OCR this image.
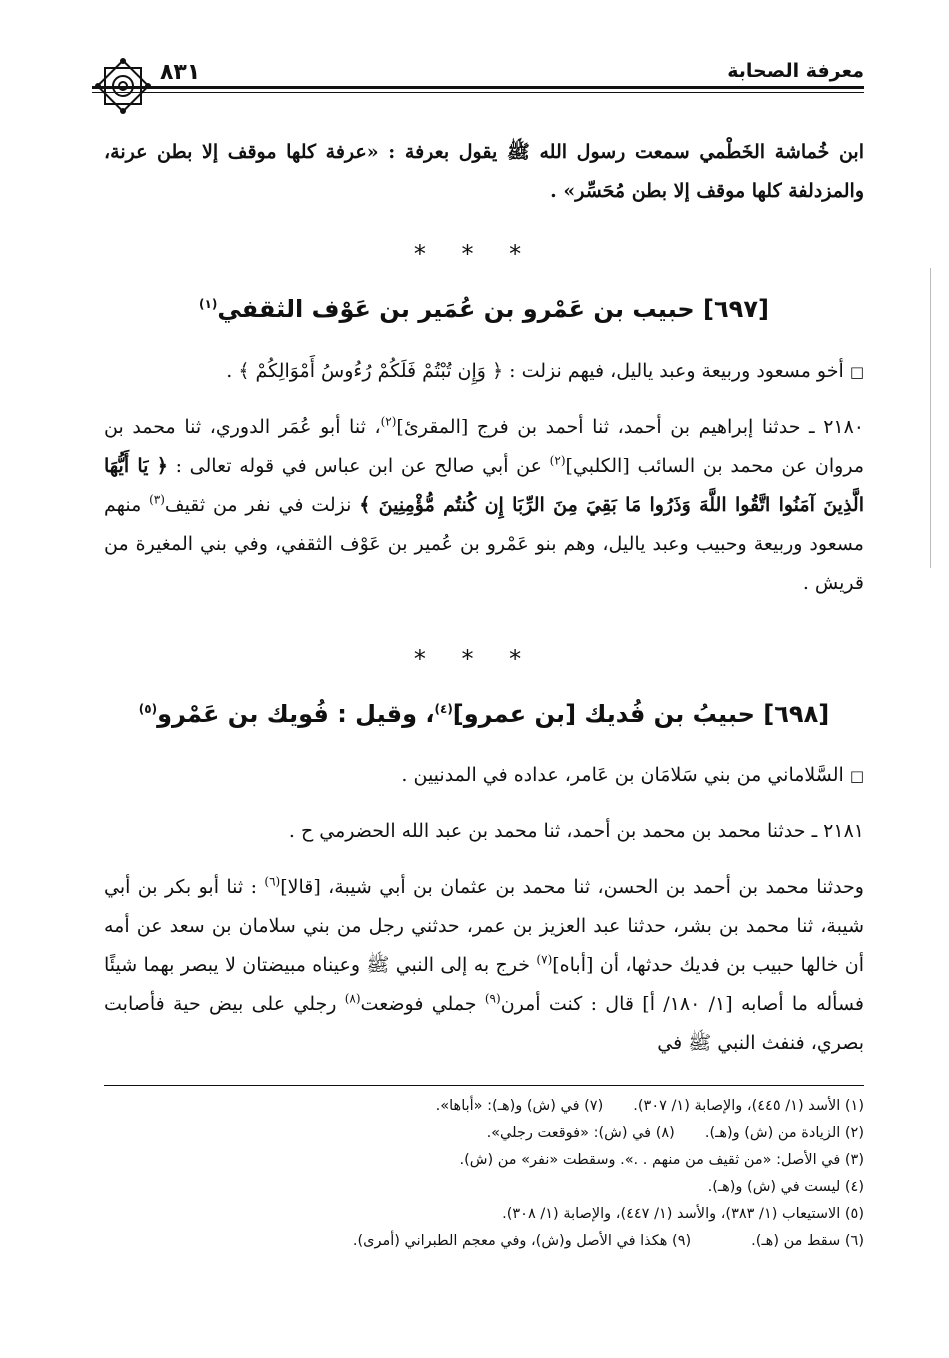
معرفة الصحابة
٨٣١
ابن خُماشة الخَطْمي سمعت رسول الله ﷺ يقول بعرفة : «عرفة كلها موقف إلا بطن عرنة، والمزدلفة كلها موقف إلا بطن مُحَسِّر» .
* * *
[٦٩٧] حبيب بن عَمْرو بن عُمَير بن عَوْف الثقفي$^{(١)}$
□ أخو مسعود وربيعة وعبد ياليل، فيهم نزلت : ﴿ وَإِن تُبْتُمْ فَلَكُمْ رُءُوسُ أَمْوَالِكُمْ ﴾ .
٢١٨٠ ـ حدثنا إبراهيم بن أحمد، ثنا أحمد بن فرج [المقرئ]$^{(٢)}$، ثنا أبو عُمَر الدوري، ثنا محمد بن مروان عن محمد بن السائب [الكلبي]$^{(٢)}$ عن أبي صالح عن ابن عباس في قوله تعالى : ﴿ يَا أَيُّهَا الَّذِينَ آمَنُوا اتَّقُوا اللَّهَ وَذَرُوا مَا بَقِيَ مِنَ الرِّبَا إِن كُنتُم مُّؤْمِنِينَ ﴾ نزلت في نفر من ثقيف$^{(٣)}$ منهم مسعود وربيعة وحبيب وعبد ياليل، وهم بنو عَمْرو بن عُمير بن عَوْف الثقفي، وفي بني المغيرة من قريش .
* * *
[٦٩٨] حبيبُ بن فُديك [بن عمرو]$^{(٤)}$، وقيل : فُويك بن عَمْرو$^{(٥)}$
□ السَّلاماني من بني سَلامَان بن عَامر، عداده في المدنيين .
٢١٨١ ـ حدثنا محمد بن محمد بن أحمد، ثنا محمد بن عبد الله الحضرمي ح .
وحدثنا محمد بن أحمد بن الحسن، ثنا محمد بن عثمان بن أبي شيبة، [قالا]$^{(٦)}$ : ثنا أبو بكر بن أبي شيبة، ثنا محمد بن بشر، حدثنا عبد العزيز بن عمر، حدثني رجل من بني سلامان بن سعد عن أمه أن خالها حبيب بن فديك حدثها، أن [أباه]$^{(٧)}$ خرج به إلى النبي ﷺ وعيناه مبيضتان لا يبصر بهما شيئًا فسأله ما أصابه [١/ ١٨٠/ أ] قال : كنت أمرن$^{(٩)}$ جملي فوضعت$^{(٨)}$ رجلي على بيض حية فأصابت بصري، فنفث النبي ﷺ في
(١) الأسد (١/ ٤٤٥)، والإصابة (١/ ٣٠٧).(٧) في (ش) و(هـ): «أباها».
(٢) الزيادة من (ش) و(هـ).(٨) في (ش): «فوقعت رجلي».
(٣) في الأصل: «من ثقيف من منهم . .». وسقطت «نفر» من (ش).
(٤) ليست في (ش) و(هـ).
(٥) الاستيعاب (١/ ٣٨٣)، والأسد (١/ ٤٤٧)، والإصابة (١/ ٣٠٨).
(٦) سقط من (هـ).(٩) هكذا في الأصل و(ش)، وفي معجم الطبراني (أمرى).
